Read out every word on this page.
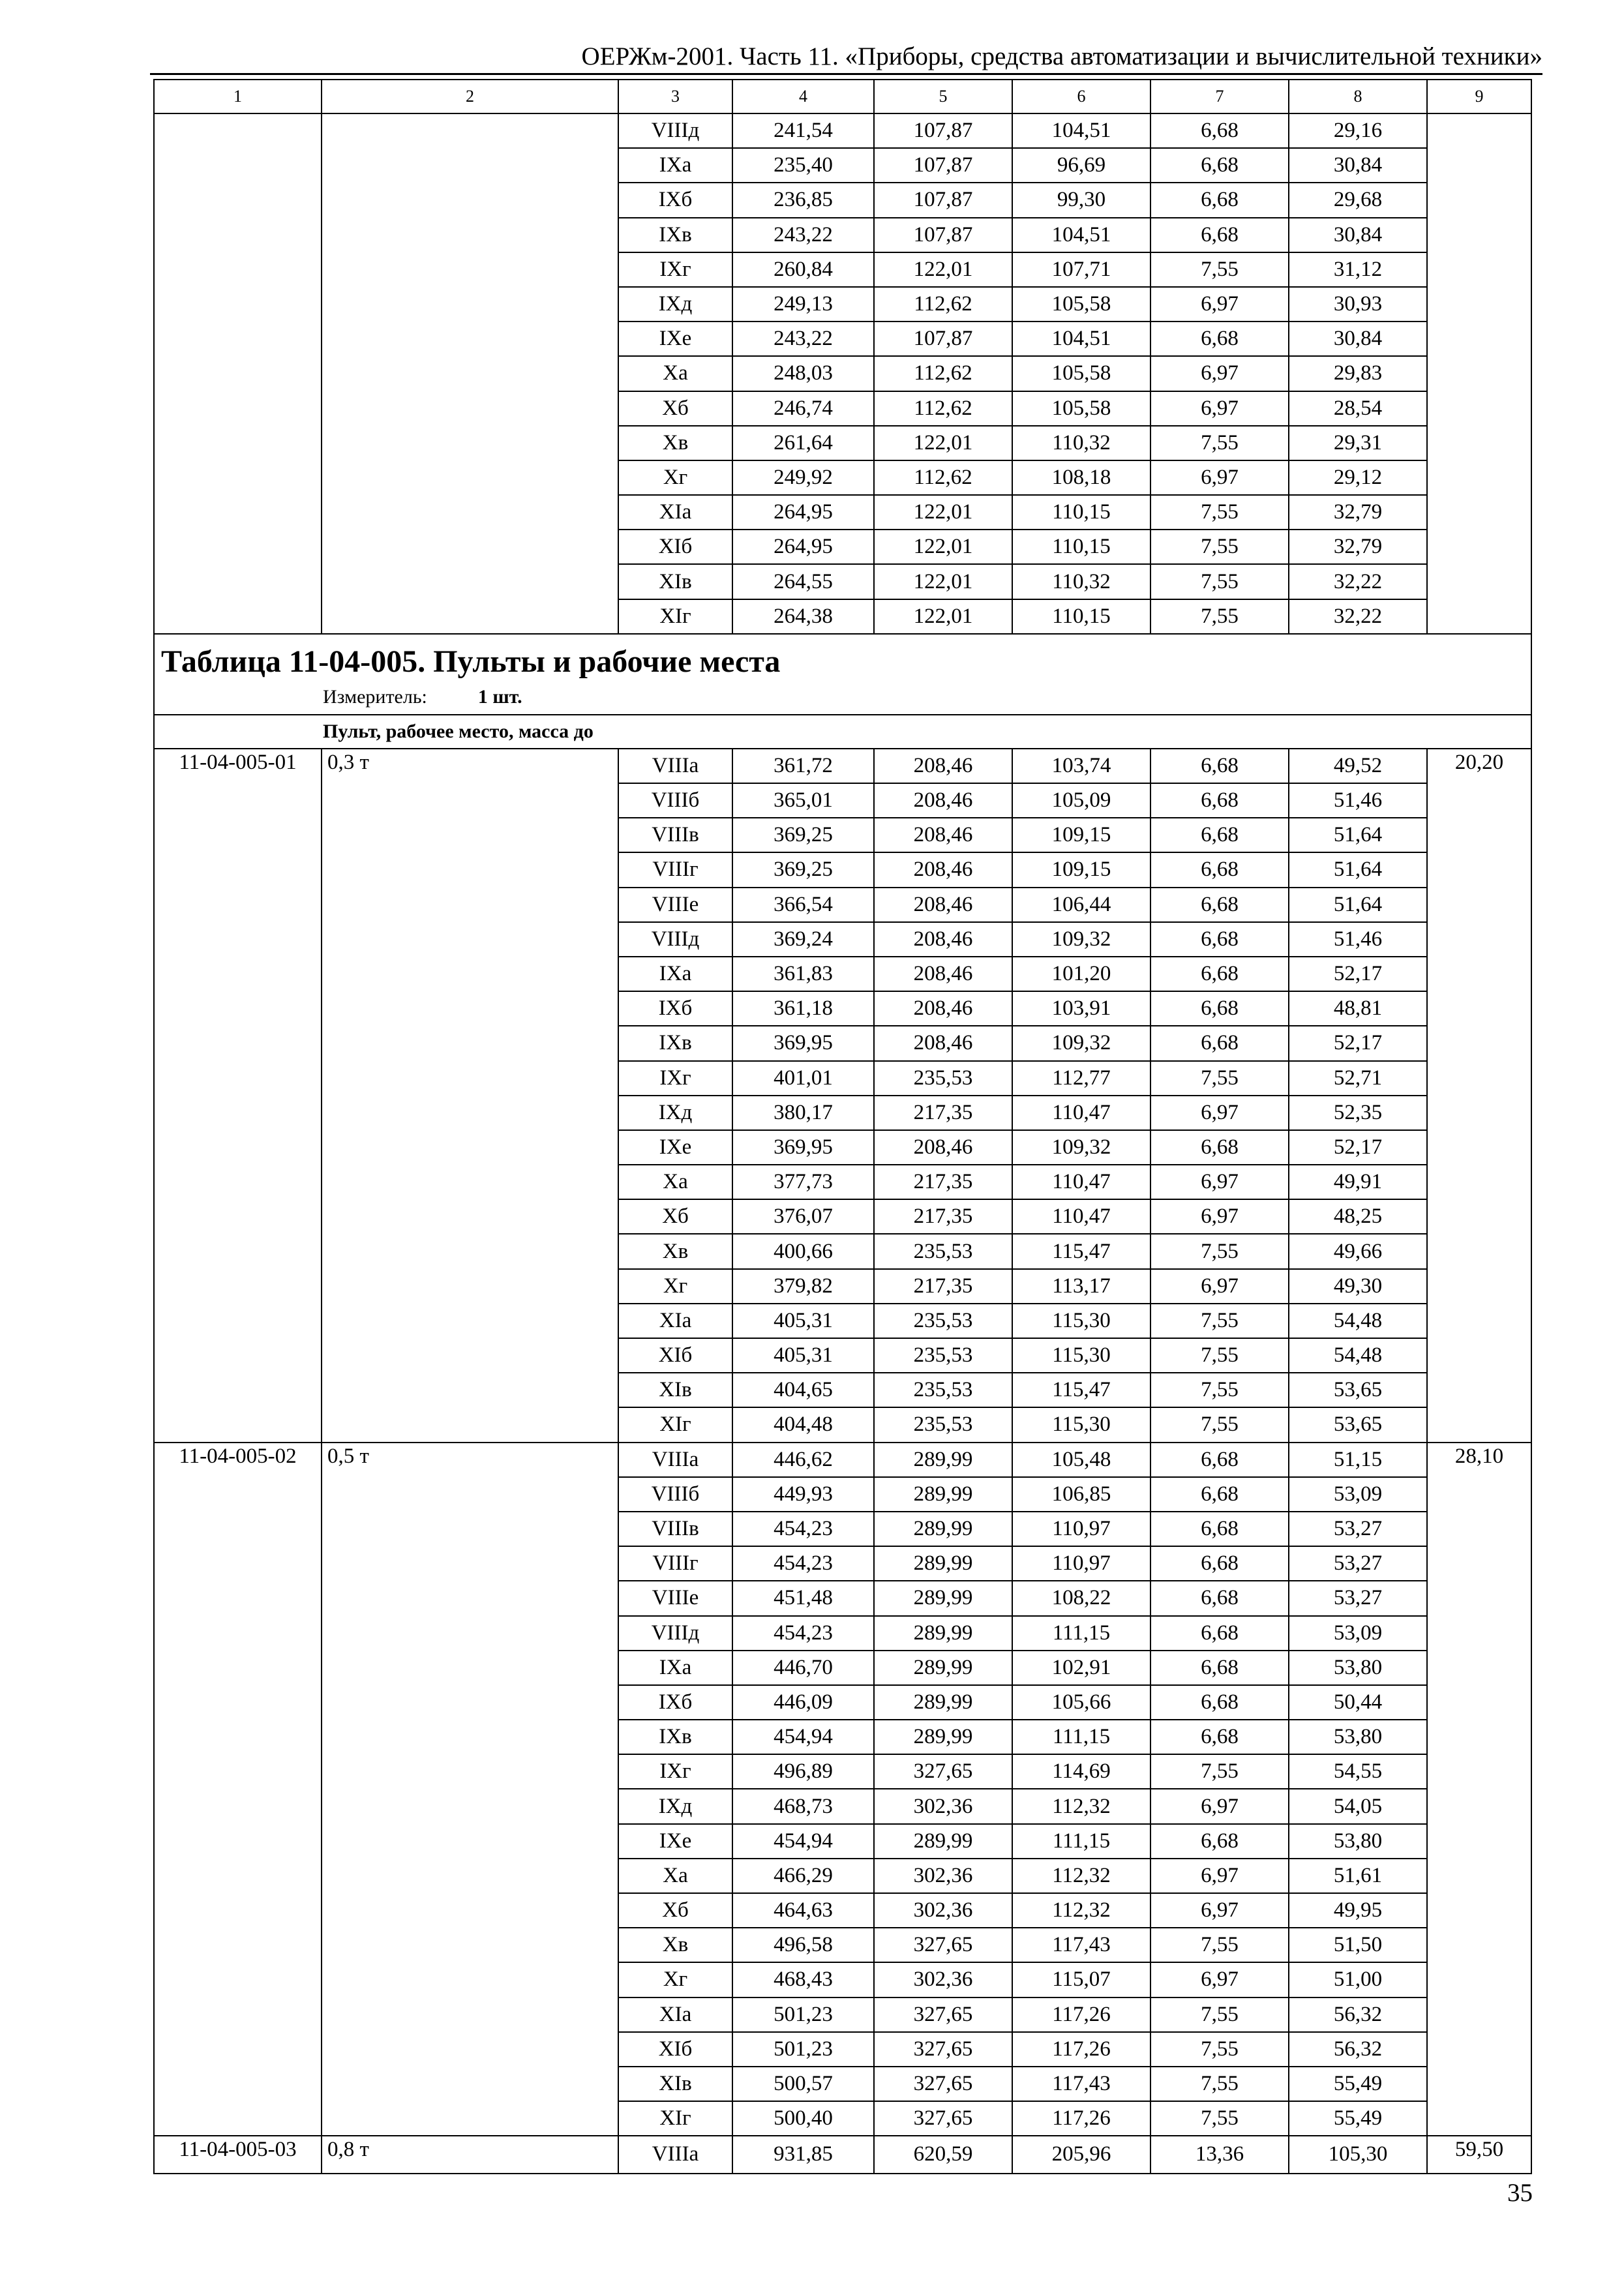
ОЕРЖм-2001. Часть 11. «Приборы, средства автоматизации и вычислительной техники»
1	2	3	4	5	6	7	8	9
		VIIIд	241,54	107,87	104,51	6,68	29,16	
		IXа	235,40	107,87	96,69	6,68	30,84	
		IXб	236,85	107,87	99,30	6,68	29,68	
		IXв	243,22	107,87	104,51	6,68	30,84	
		IXг	260,84	122,01	107,71	7,55	31,12	
		IXд	249,13	112,62	105,58	6,97	30,93	
		IXе	243,22	107,87	104,51	6,68	30,84	
		Xа	248,03	112,62	105,58	6,97	29,83	
		Xб	246,74	112,62	105,58	6,97	28,54	
		Xв	261,64	122,01	110,32	7,55	29,31	
		Xг	249,92	112,62	108,18	6,97	29,12	
		XIа	264,95	122,01	110,15	7,55	32,79	
		XIб	264,95	122,01	110,15	7,55	32,79	
		XIв	264,55	122,01	110,32	7,55	32,22	
		XIг	264,38	122,01	110,15	7,55	32,22	

Таблица 11-04-005. Пульты и рабочие места
Измеритель: 1 шт.								

Пульт, рабочее место, масса до								
11-04-005-01	0,3 т	VIIIа	361,72	208,46	103,74	6,68	49,52	20,20
		VIIIб	365,01	208,46	105,09	6,68	51,46	
		VIIIв	369,25	208,46	109,15	6,68	51,64	
		VIIIг	369,25	208,46	109,15	6,68	51,64	
		VIIIе	366,54	208,46	106,44	6,68	51,64	
		VIIIд	369,24	208,46	109,32	6,68	51,46	
		IXа	361,83	208,46	101,20	6,68	52,17	
		IXб	361,18	208,46	103,91	6,68	48,81	
		IXв	369,95	208,46	109,32	6,68	52,17	
		IXг	401,01	235,53	112,77	7,55	52,71	
		IXд	380,17	217,35	110,47	6,97	52,35	
		IXе	369,95	208,46	109,32	6,68	52,17	
		Xа	377,73	217,35	110,47	6,97	49,91	
		Xб	376,07	217,35	110,47	6,97	48,25	
		Xв	400,66	235,53	115,47	7,55	49,66	
		Xг	379,82	217,35	113,17	6,97	49,30	
		XIа	405,31	235,53	115,30	7,55	54,48	
		XIб	405,31	235,53	115,30	7,55	54,48	
		XIв	404,65	235,53	115,47	7,55	53,65	
		XIг	404,48	235,53	115,30	7,55	53,65	
11-04-005-02	0,5 т	VIIIа	446,62	289,99	105,48	6,68	51,15	28,10
		VIIIб	449,93	289,99	106,85	6,68	53,09	
		VIIIв	454,23	289,99	110,97	6,68	53,27	
		VIIIг	454,23	289,99	110,97	6,68	53,27	
		VIIIе	451,48	289,99	108,22	6,68	53,27	
		VIIIд	454,23	289,99	111,15	6,68	53,09	
		IXа	446,70	289,99	102,91	6,68	53,80	
		IXб	446,09	289,99	105,66	6,68	50,44	
		IXв	454,94	289,99	111,15	6,68	53,80	
		IXг	496,89	327,65	114,69	7,55	54,55	
		IXд	468,73	302,36	112,32	6,97	54,05	
		IXе	454,94	289,99	111,15	6,68	53,80	
		Xа	466,29	302,36	112,32	6,97	51,61	
		Xб	464,63	302,36	112,32	6,97	49,95	
		Xв	496,58	327,65	117,43	7,55	51,50	
		Xг	468,43	302,36	115,07	6,97	51,00	
		XIа	501,23	327,65	117,26	7,55	56,32	
		XIб	501,23	327,65	117,26	7,55	56,32	
		XIв	500,57	327,65	117,43	7,55	55,49	
		XIг	500,40	327,65	117,26	7,55	55,49	
11-04-005-03	0,8 т	VIIIа	931,85	620,59	205,96	13,36	105,30	59,50
35
